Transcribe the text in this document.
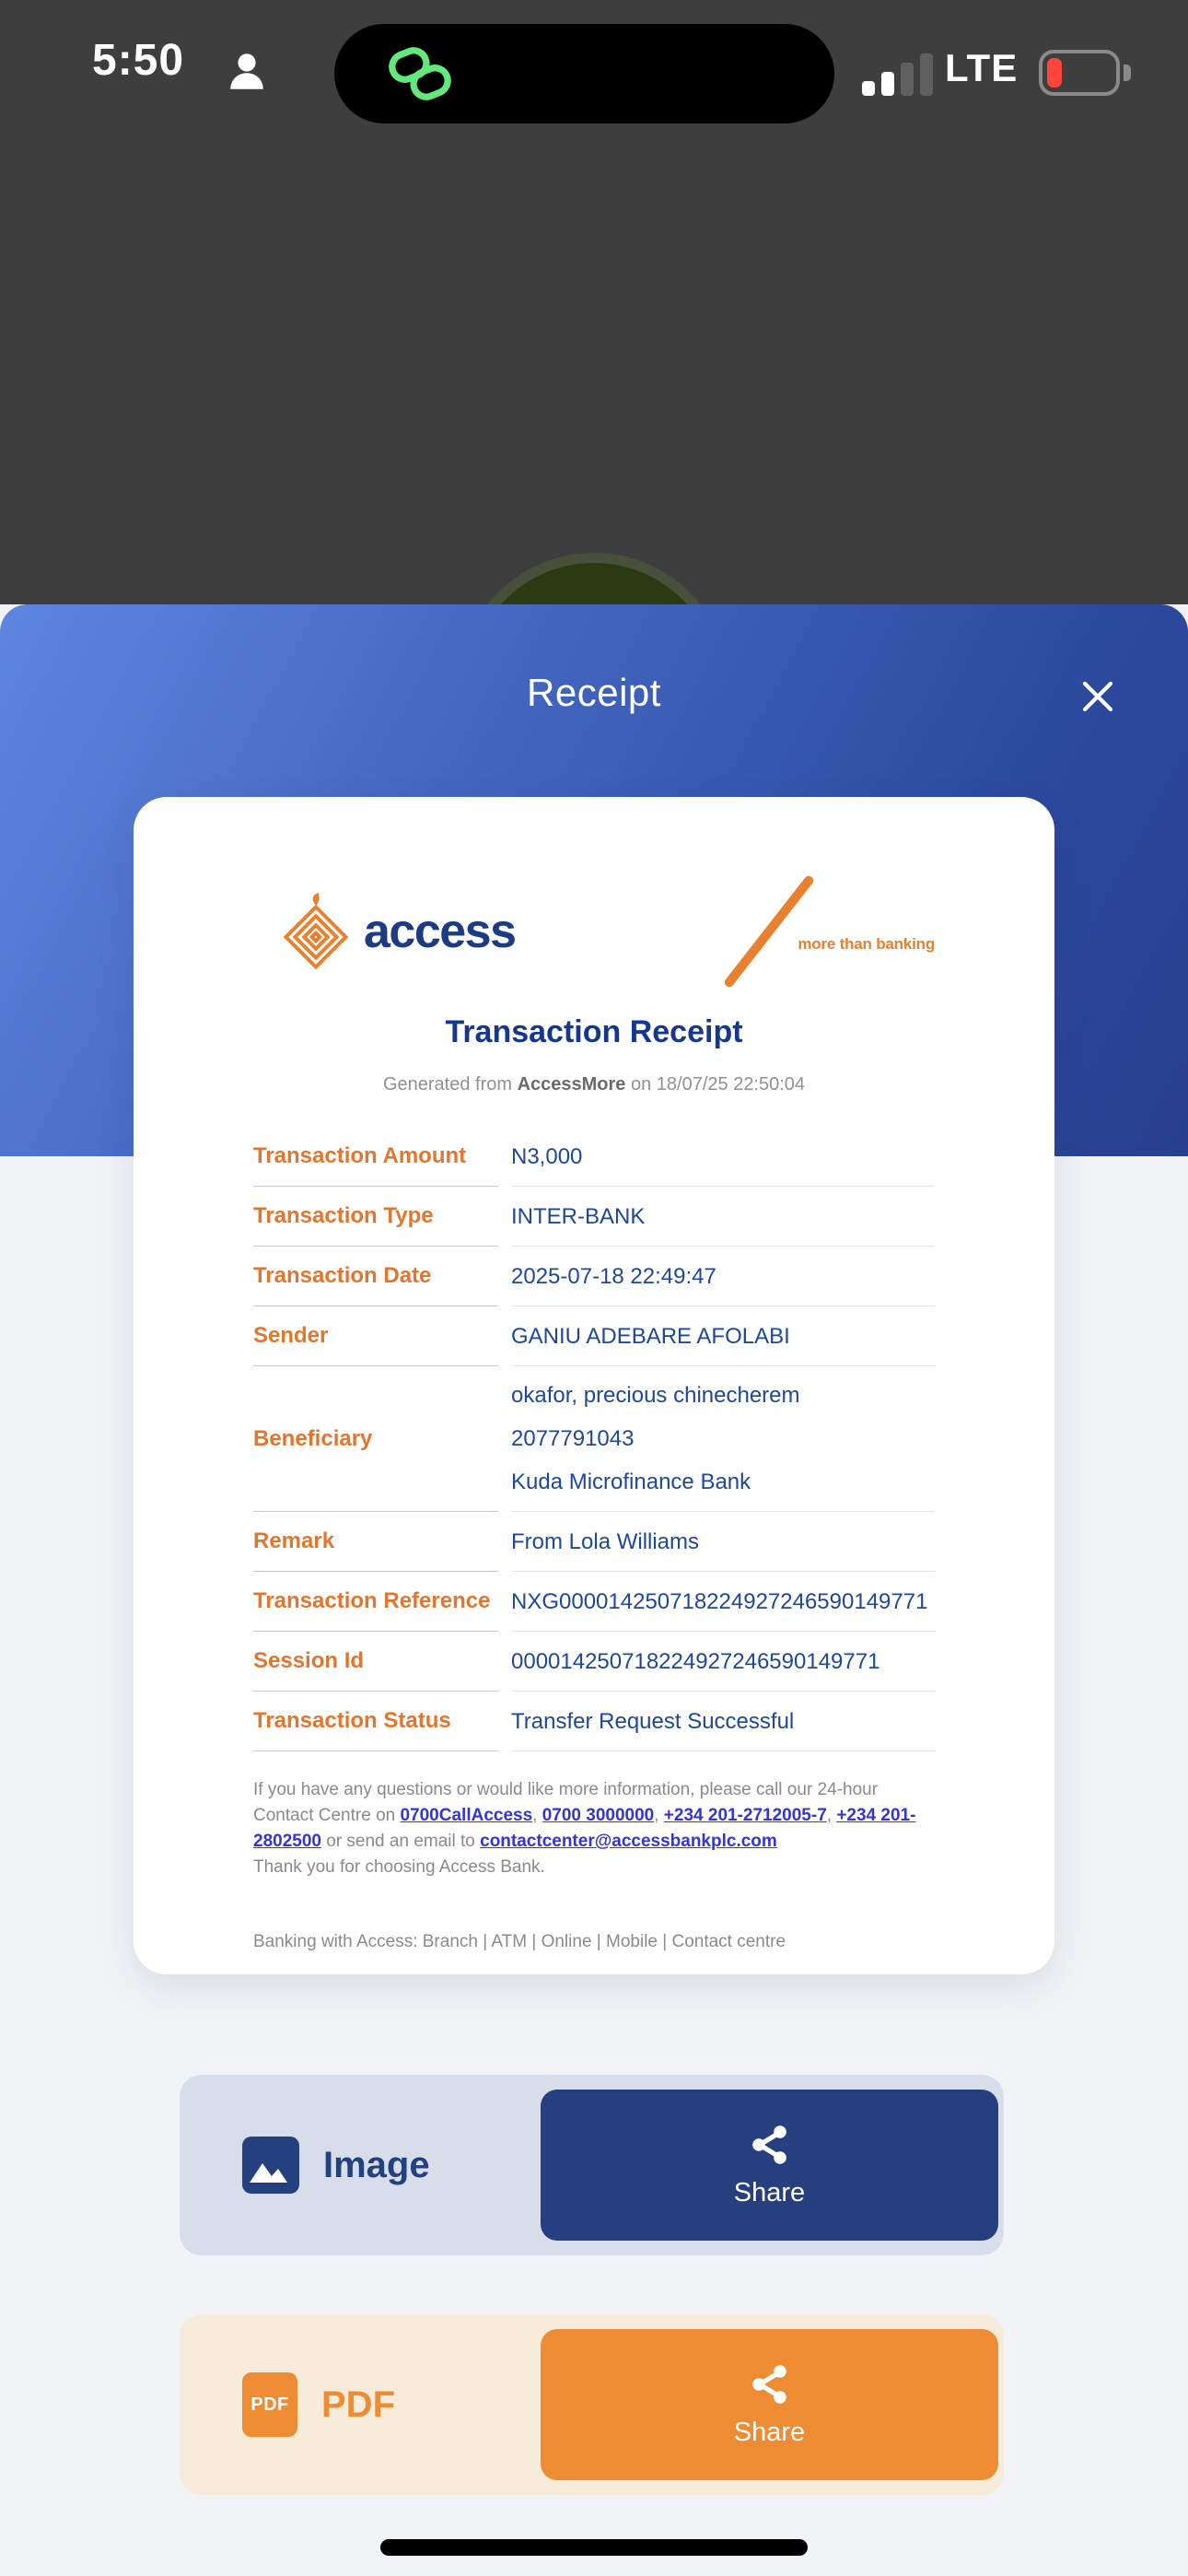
5:50	LTE
Receipt
access	more than banking
Transaction Receipt
Generated from AccessMore on 18/07/25 22:50:04
Transaction Amount	N3,000
Transaction Type	INTER-BANK
Transaction Date	2025-07-18 22:49:47
Sender	GANIU ADEBARE AFOLABI
Beneficiary
okafor, precious chinecherem
2077791043
Kuda Microfinance Bank
Remark	From Lola Williams
Transaction Reference NXG000014250718224927246590149771
Session Id	000014250718224927246590149771
Transaction Status	Transfer Request Successful
If you have any questions or would like more information, please call our 24-hour Contact Centre on 0700CallAccess, 0700 3000000, +234 201-2712005-7, +234 201-2802500 or send an email to contactcenter@accessbankplc.com
Thank you for choosing Access Bank.
Banking with Access: Branch | ATM | Online | Mobile | Contact centre
Image
Share
PDF PDF
Share
